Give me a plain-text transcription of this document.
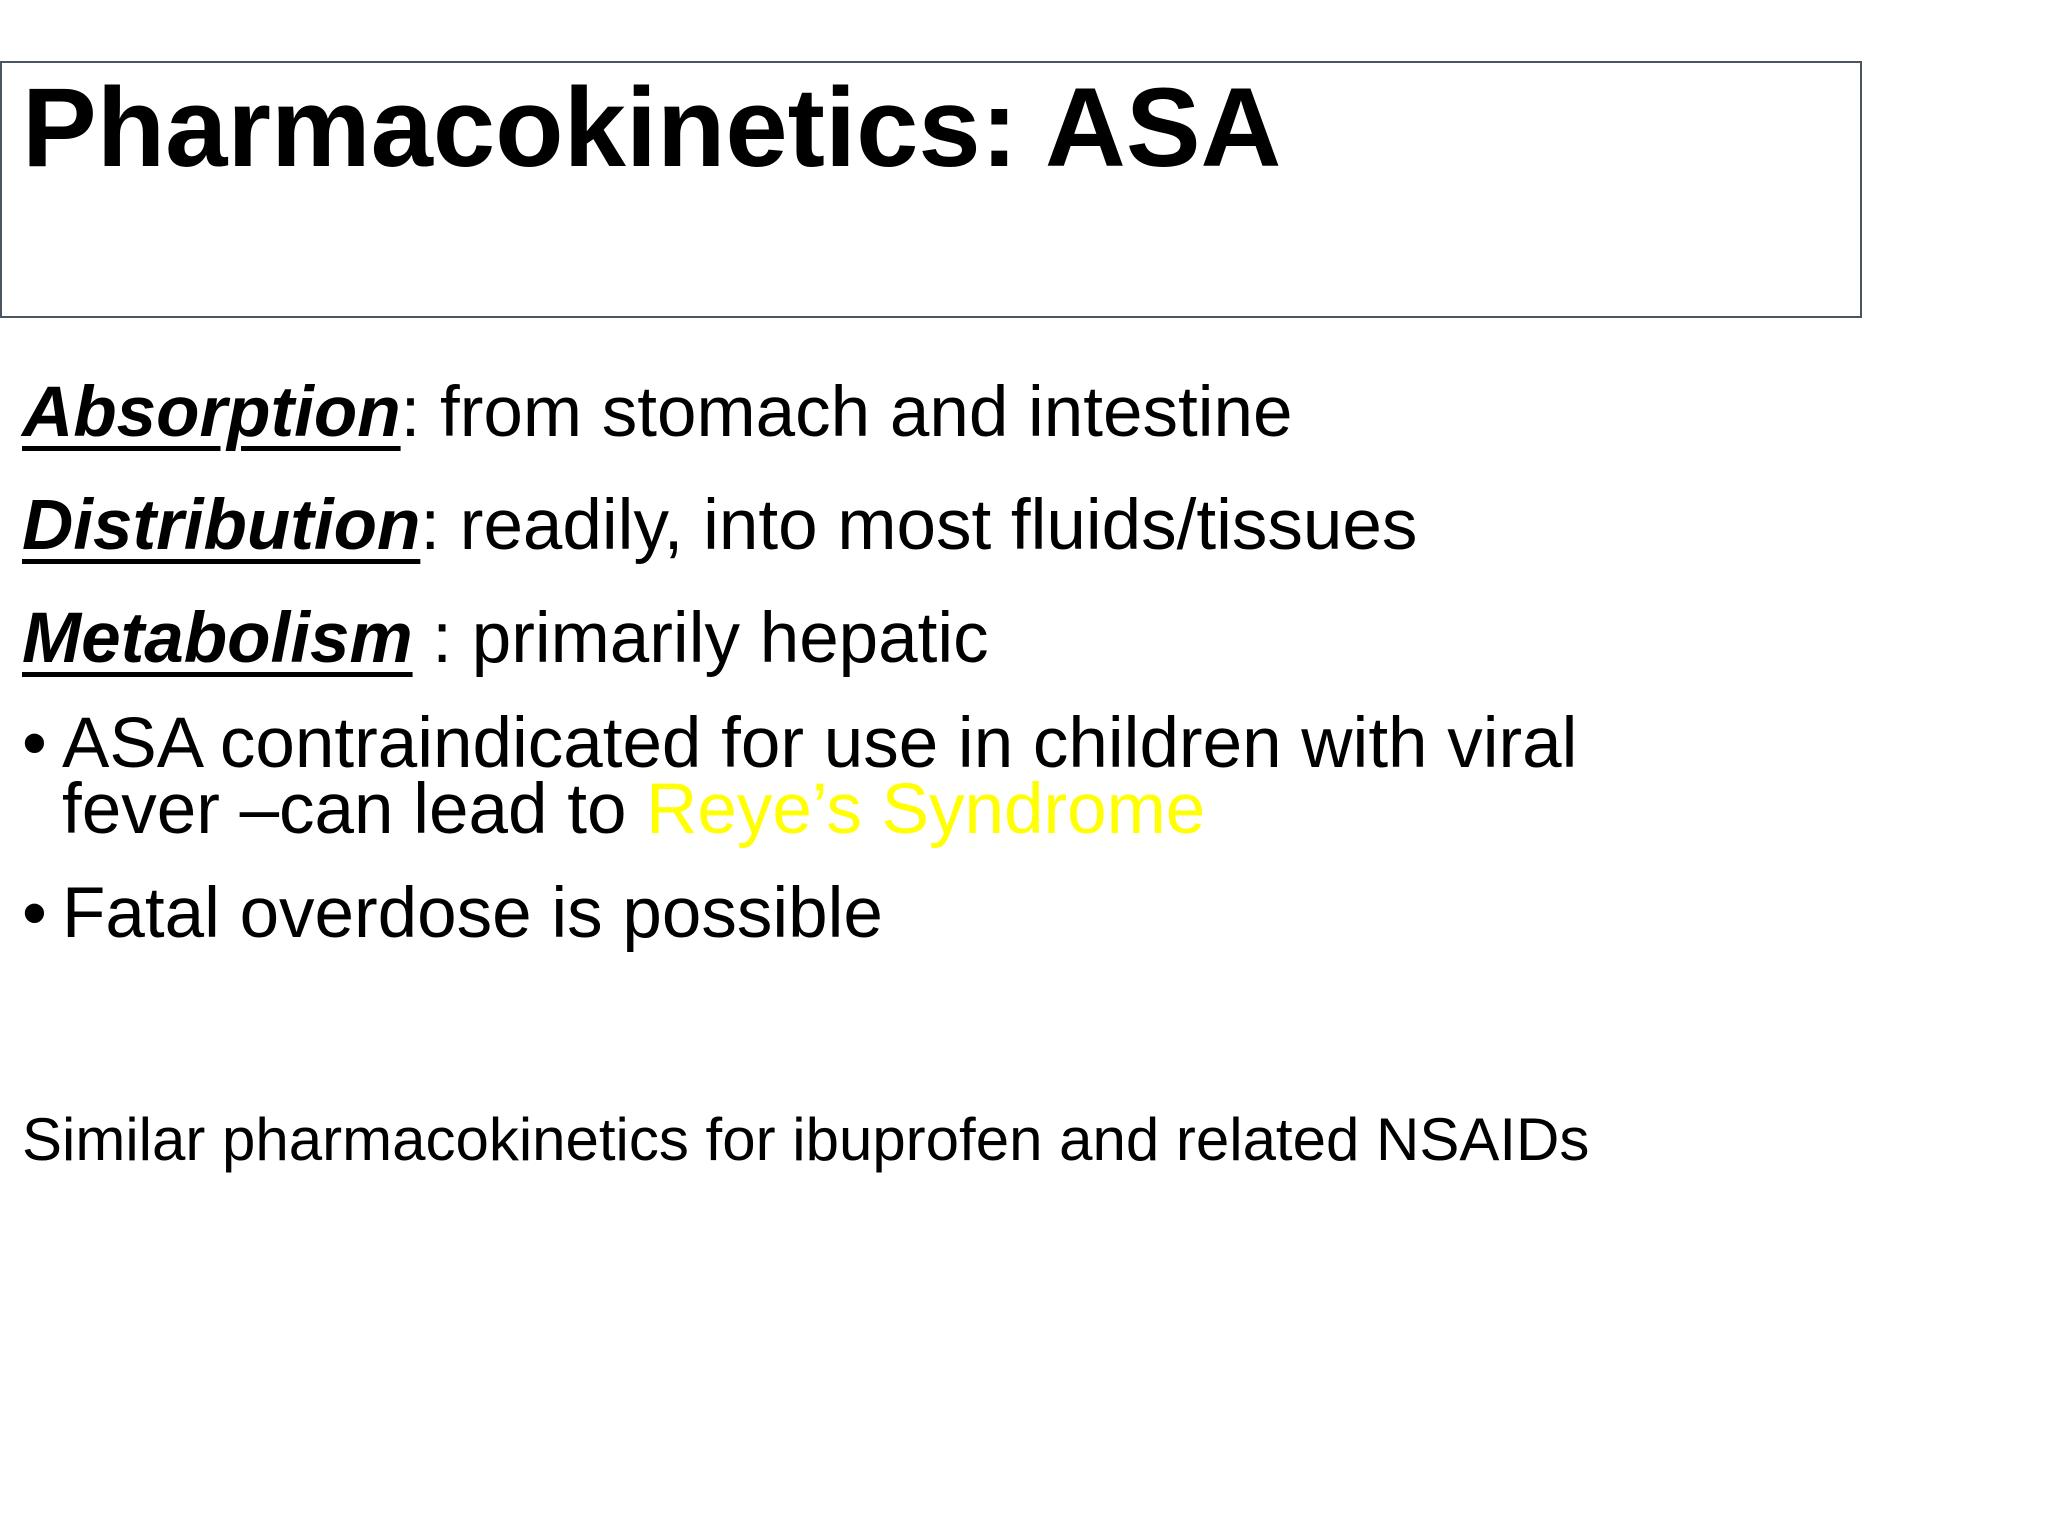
Pharmacokinetics: ASA

Absorption: from stomach and intestine

Distribution: readily, into most fluids/tissues

Metabolism : primarily hepatic

• ASA contraindicated for use in children with viral
fever –can lead to Reye’s Syndrome
• Fatal overdose is possible

Similar pharmacokinetics for ibuprofen and related NSAIDs
